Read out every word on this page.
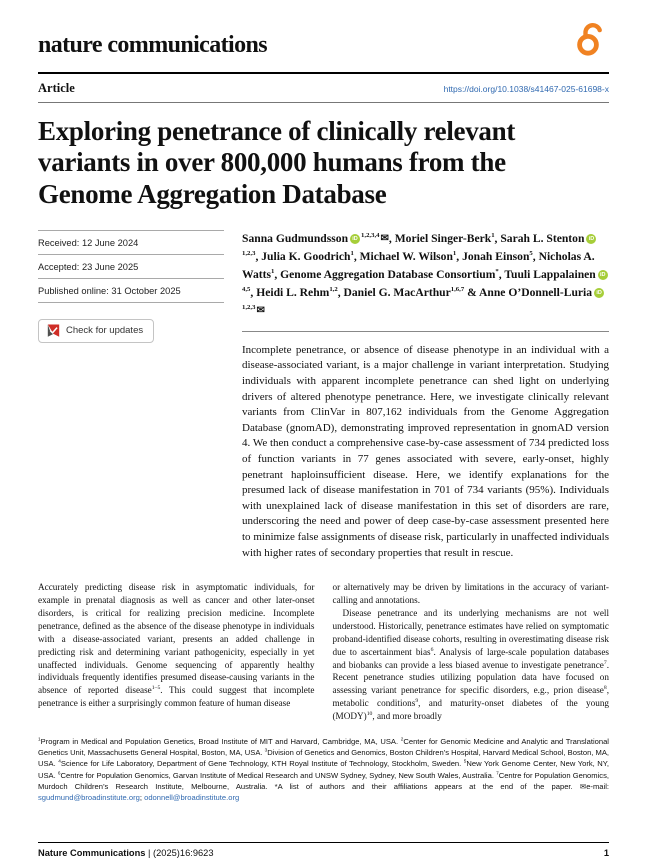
nature communications
Article	https://doi.org/10.1038/s41467-025-61698-x
Exploring penetrance of clinically relevant
variants in over 800,000 humans from the
Genome Aggregation Database
Received: 12 June 2024
Accepted: 23 June 2025
Published online: 31 October 2025
Check for updates

Sanna Gudmundsson iD $^{1,2,3,4}$✉, Moriel Singer-Berk$^1$, Sarah L. Stenton iD$^{1,2,3}$, Julia K. Goodrich$^1$, Michael W. Wilson$^1$, Jonah Einson$^5$, Nicholas A. Watts$^1$, Genome Aggregation Database Consortium*, Tuuli Lappalainen iD$^{4,5}$, Heidi L. Rehm$^{1,2}$, Daniel G. MacArthur$^{1,6,7}$ & Anne O’Donnell-Luria iD$^{1,2,3}$✉

Incomplete penetrance, or absence of disease phenotype in an individual with a disease-associated variant, is a major challenge in variant interpretation. Studying individuals with apparent incomplete penetrance can shed light on underlying drivers of altered phenotype penetrance. Here, we investigate clinically relevant variants from ClinVar in 807,162 individuals from the Genome Aggregation Database (gnomAD), demonstrating improved representation in gnomAD version 4. We then conduct a comprehensive case-by-case assessment of 734 predicted loss of function variants in 77 genes associated with severe, early-onset, highly penetrant haploinsufficient disease. Here, we identify explanations for the presumed lack of disease manifestation in 701 of 734 variants (95%). Individuals with unexplained lack of disease manifestation in this set of disorders are rare, underscoring the need and power of deep case-by-case assessment presented here to minimize false assignments of disease risk, particularly in unaffected individuals with higher rates of secondary properties that result in rescue.

Accurately predicting disease risk in asymptomatic individuals, for example in prenatal diagnosis as well as cancer and other later-onset disorders, is critical for realizing precision medicine. Incomplete penetrance, defined as the absence of the disease phenotype in individuals with a disease-associated variant, presents an added challenge in predicting risk and determining variant pathogenicity, especially in yet unaffected individuals. Genome sequencing of apparently healthy individuals frequently identifies presumed disease-causing variants in the absence of reported disease$^{1-5}$. This could suggest that incomplete penetrance is either a surprisingly common feature of human disease

or alternatively may be driven by limitations in the accuracy of variant-calling and annotations.

Disease penetrance and its underlying mechanisms are not well understood. Historically, penetrance estimates have relied on symptomatic proband-identified disease cohorts, resulting in overestimating disease risk due to ascertainment bias$^6$. Analysis of large-scale population databases and biobanks can provide a less biased avenue to investigate penetrance$^7$. Recent penetrance studies utilizing population data have focused on assessing variant penetrance for specific disorders, e.g., prion disease$^8$, metabolic conditions$^9$, and maturity-onset diabetes of the young (MODY)$^{10}$, and more broadly

$^1$Program in Medical and Population Genetics, Broad Institute of MIT and Harvard, Cambridge, MA, USA. $^2$Center for Genomic Medicine and Analytic and Translational Genetics Unit, Massachusetts General Hospital, Boston, MA, USA. $^3$Division of Genetics and Genomics, Boston Children’s Hospital, Harvard Medical School, Boston, MA, USA. $^4$Science for Life Laboratory, Department of Gene Technology, KTH Royal Institute of Technology, Stockholm, Sweden. $^5$New York Genome Center, New York, NY, USA. $^6$Centre for Population Genomics, Garvan Institute of Medical Research and UNSW Sydney, Sydney, New South Wales, Australia. $^7$Centre for Population Genomics, Murdoch Children’s Research Institute, Melbourne, Australia. *A list of authors and their affiliations appears at the end of the paper. ✉e-mail: sgudmund@broadinstitute.org; odonnell@broadinstitute.org

Nature Communications | (2025)16:9623	1
